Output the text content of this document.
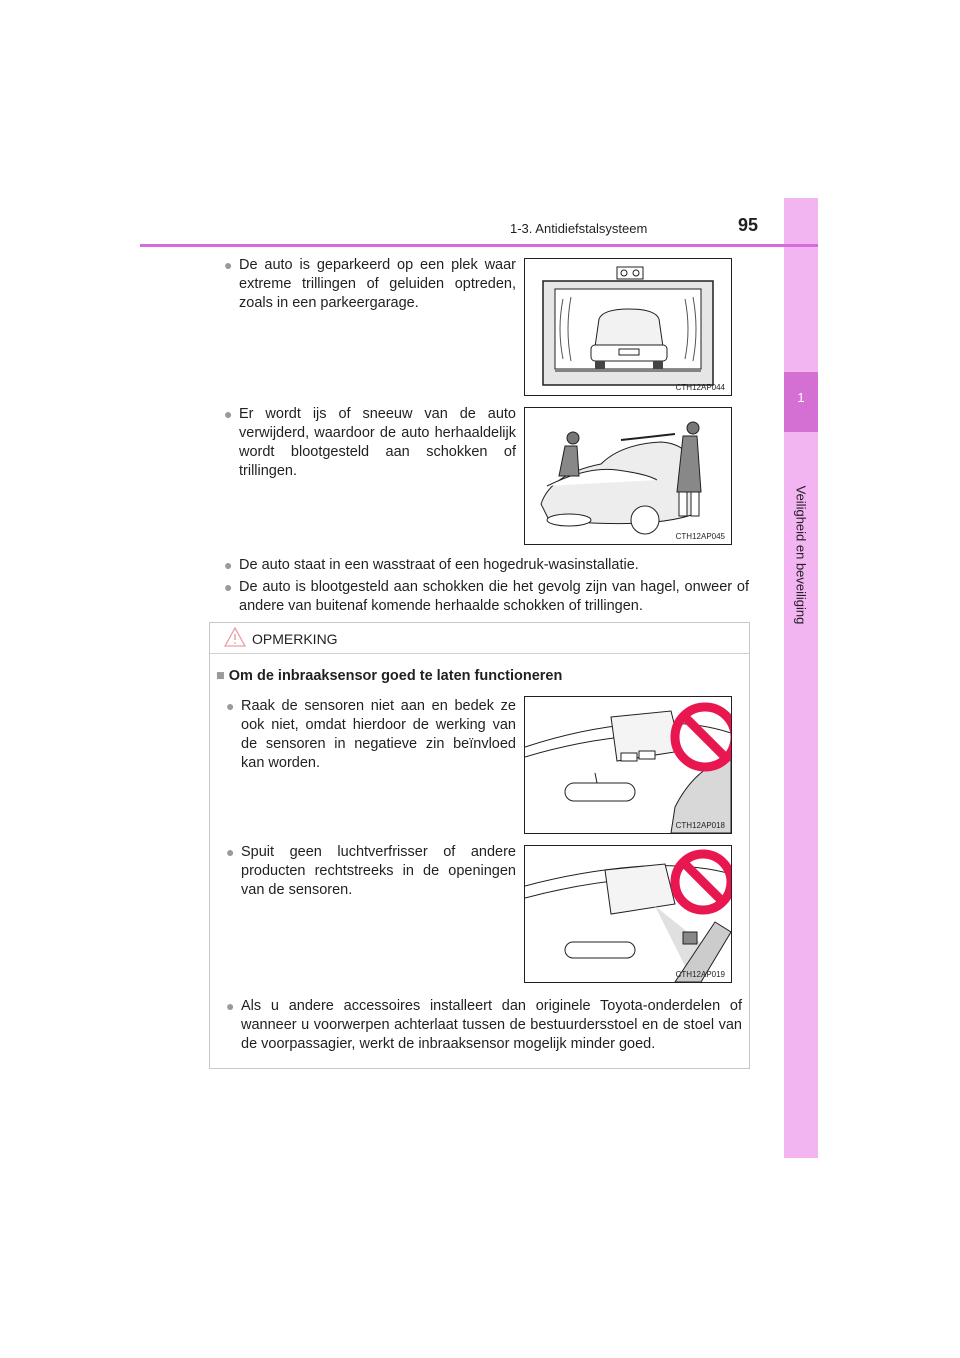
1
Veiligheid en beveiliging
1-3. Antidiefstalsysteem	95
● De auto is geparkeerd op een plek waar extreme trillingen of geluiden optreden, zoals in een parkeergarage.
CTH12AP044
● Er wordt ijs of sneeuw van de auto verwijderd, waardoor de auto herhaaldelijk wordt blootgesteld aan schokken of trillingen.
CTH12AP045
● De auto staat in een wasstraat of een hogedruk-wasinstallatie.
● De auto is blootgesteld aan schokken die het gevolg zijn van hagel, onweer of andere van buitenaf komende herhaalde schokken of trillingen.
OPMERKING
■ Om de inbraaksensor goed te laten functioneren
● Raak de sensoren niet aan en bedek ze ook niet, omdat hierdoor de werking van de sensoren in negatieve zin beïnvloed kan worden.
CTH12AP018
● Spuit geen luchtverfrisser of andere producten rechtstreeks in de openingen van de sensoren.
CTH12AP019
● Als u andere accessoires installeert dan originele Toyota-onderdelen of wanneer u voorwerpen achterlaat tussen de bestuurdersstoel en de stoel van de voorpassagier, werkt de inbraaksensor mogelijk minder goed.
